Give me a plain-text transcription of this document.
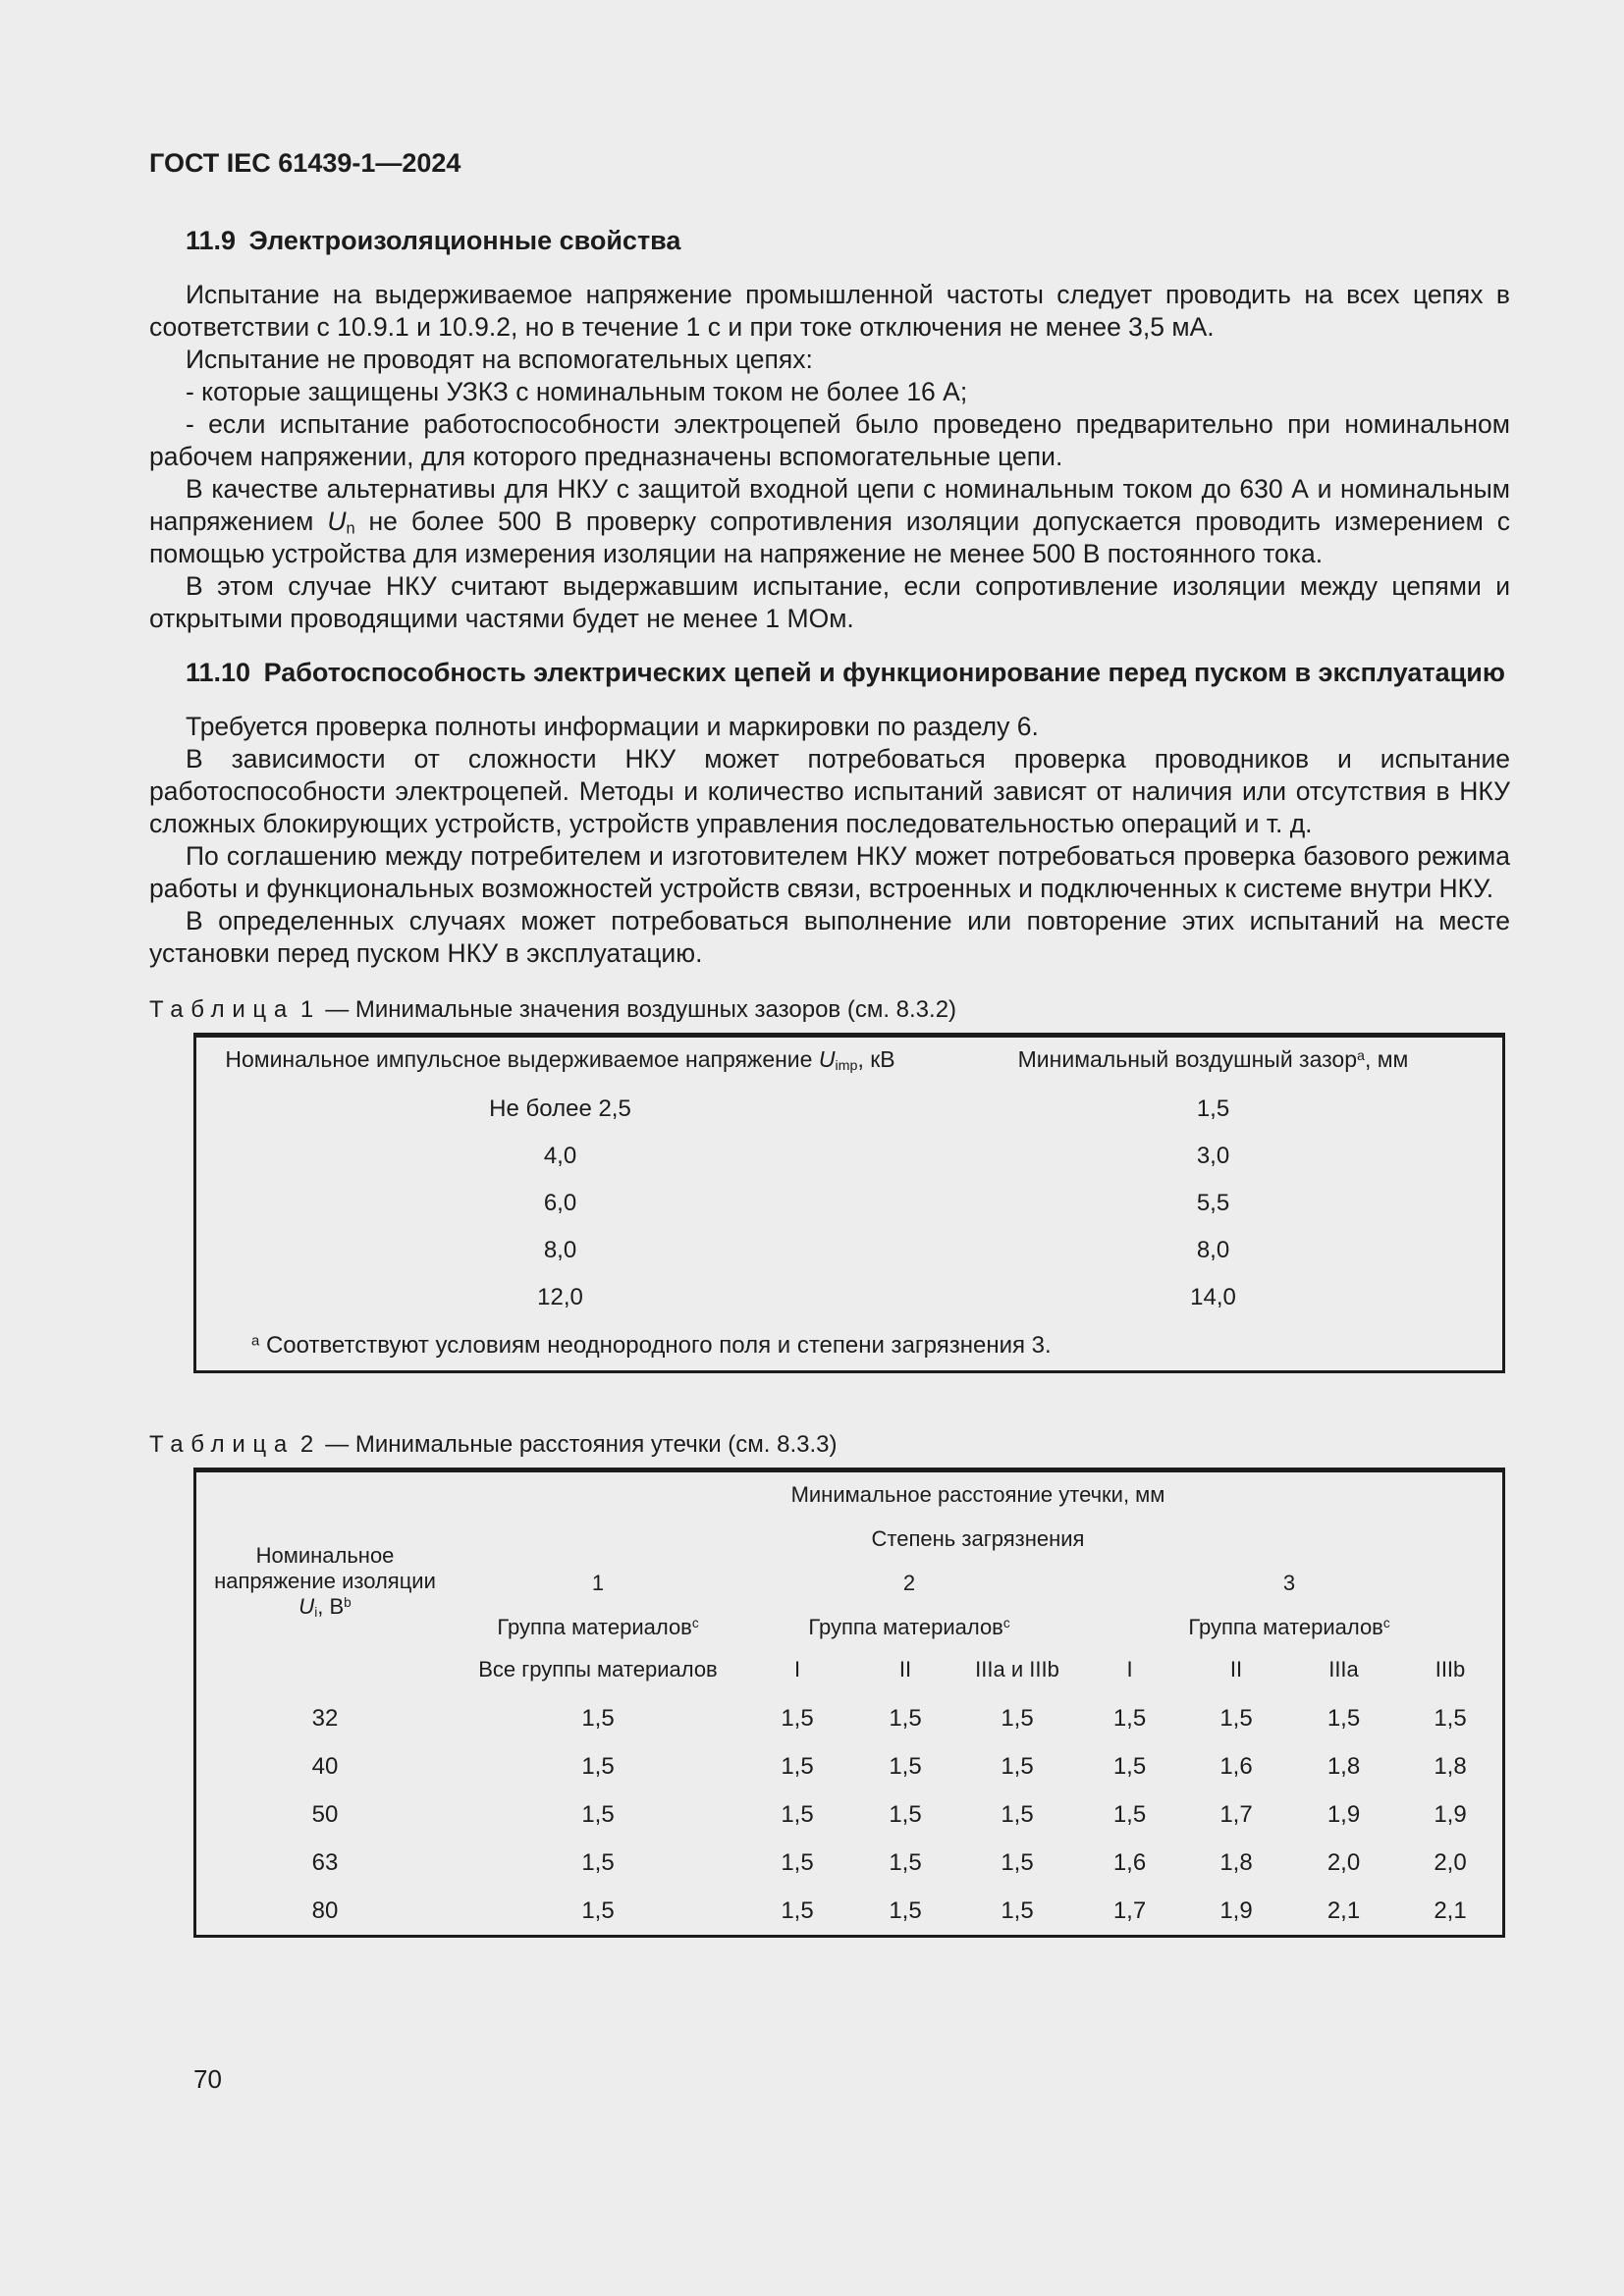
ГОСТ IEC 61439-1—2024
11.9 Электроизоляционные свойства

Испытание на выдерживаемое напряжение промышленной частоты следует проводить на всех цепях в соответствии с 10.9.1 и 10.9.2, но в течение 1 с и при токе отключения не менее 3,5 мА.

Испытание не проводят на вспомогательных цепях:

- которые защищены УЗКЗ с номинальным током не более 16 А;

- если испытание работоспособности электроцепей было проведено предварительно при номинальном рабочем напряжении, для которого предназначены вспомогательные цепи.

В качестве альтернативы для НКУ с защитой входной цепи с номинальным током до 630 А и номинальным напряжением Un не более 500 В проверку сопротивления изоляции допускается проводить измерением с помощью устройства для измерения изоляции на напряжение не менее 500 В постоянного тока.

В этом случае НКУ считают выдержавшим испытание, если сопротивление изоляции между цепями и открытыми проводящими частями будет не менее 1 МОм.

11.10 Работоспособность электрических цепей и функционирование перед пуском в эксплуатацию

Требуется проверка полноты информации и маркировки по разделу 6.

В зависимости от сложности НКУ может потребоваться проверка проводников и испытание работоспособности электроцепей. Методы и количество испытаний зависят от наличия или отсутствия в НКУ сложных блокирующих устройств, устройств управления последовательностью операций и т. д.

По соглашению между потребителем и изготовителем НКУ может потребоваться проверка базового режима работы и функциональных возможностей устройств связи, встроенных и подключенных к системе внутри НКУ.

В определенных случаях может потребоваться выполнение или повторение этих испытаний на месте установки перед пуском НКУ в эксплуатацию.

Таблица 1 — Минимальные значения воздушных зазоров (см. 8.3.2)
Номинальное импульсное выдерживаемое напряжение Uimp, кВ	Минимальный воздушный зазор$^a$, мм

Не более 2,5	1,5
4,0	3,0
6,0	5,5
8,0	8,0
12,0	14,0
$^a$ Соответствуют условиям неоднородного поля и степени загрязнения 3.	
Таблица 2 — Минимальные расстояния утечки (см. 8.3.3)
Номинальное напряжение изоляции Ui, $В^b$	Минимальное расстояние утечки, мм							
	Степень загрязнения							
	1	2			3			
	Группа материалов$^c$	Группа материалов$^c$			Группа материалов$^c$
	Все группы материалов	I	II	IIIa и IIIb	I	II	IIIa	IIIb

32	1,5	1,5	1,5	1,5	1,5	1,5	1,5	1,5
40	1,5	1,5	1,5	1,5	1,5	1,6	1,8	1,8
50	1,5	1,5	1,5	1,5	1,5	1,7	1,9	1,9
63	1,5	1,5	1,5	1,5	1,6	1,8	2,0	2,0
80	1,5	1,5	1,5	1,5	1,7	1,9	2,1	2,1
70
